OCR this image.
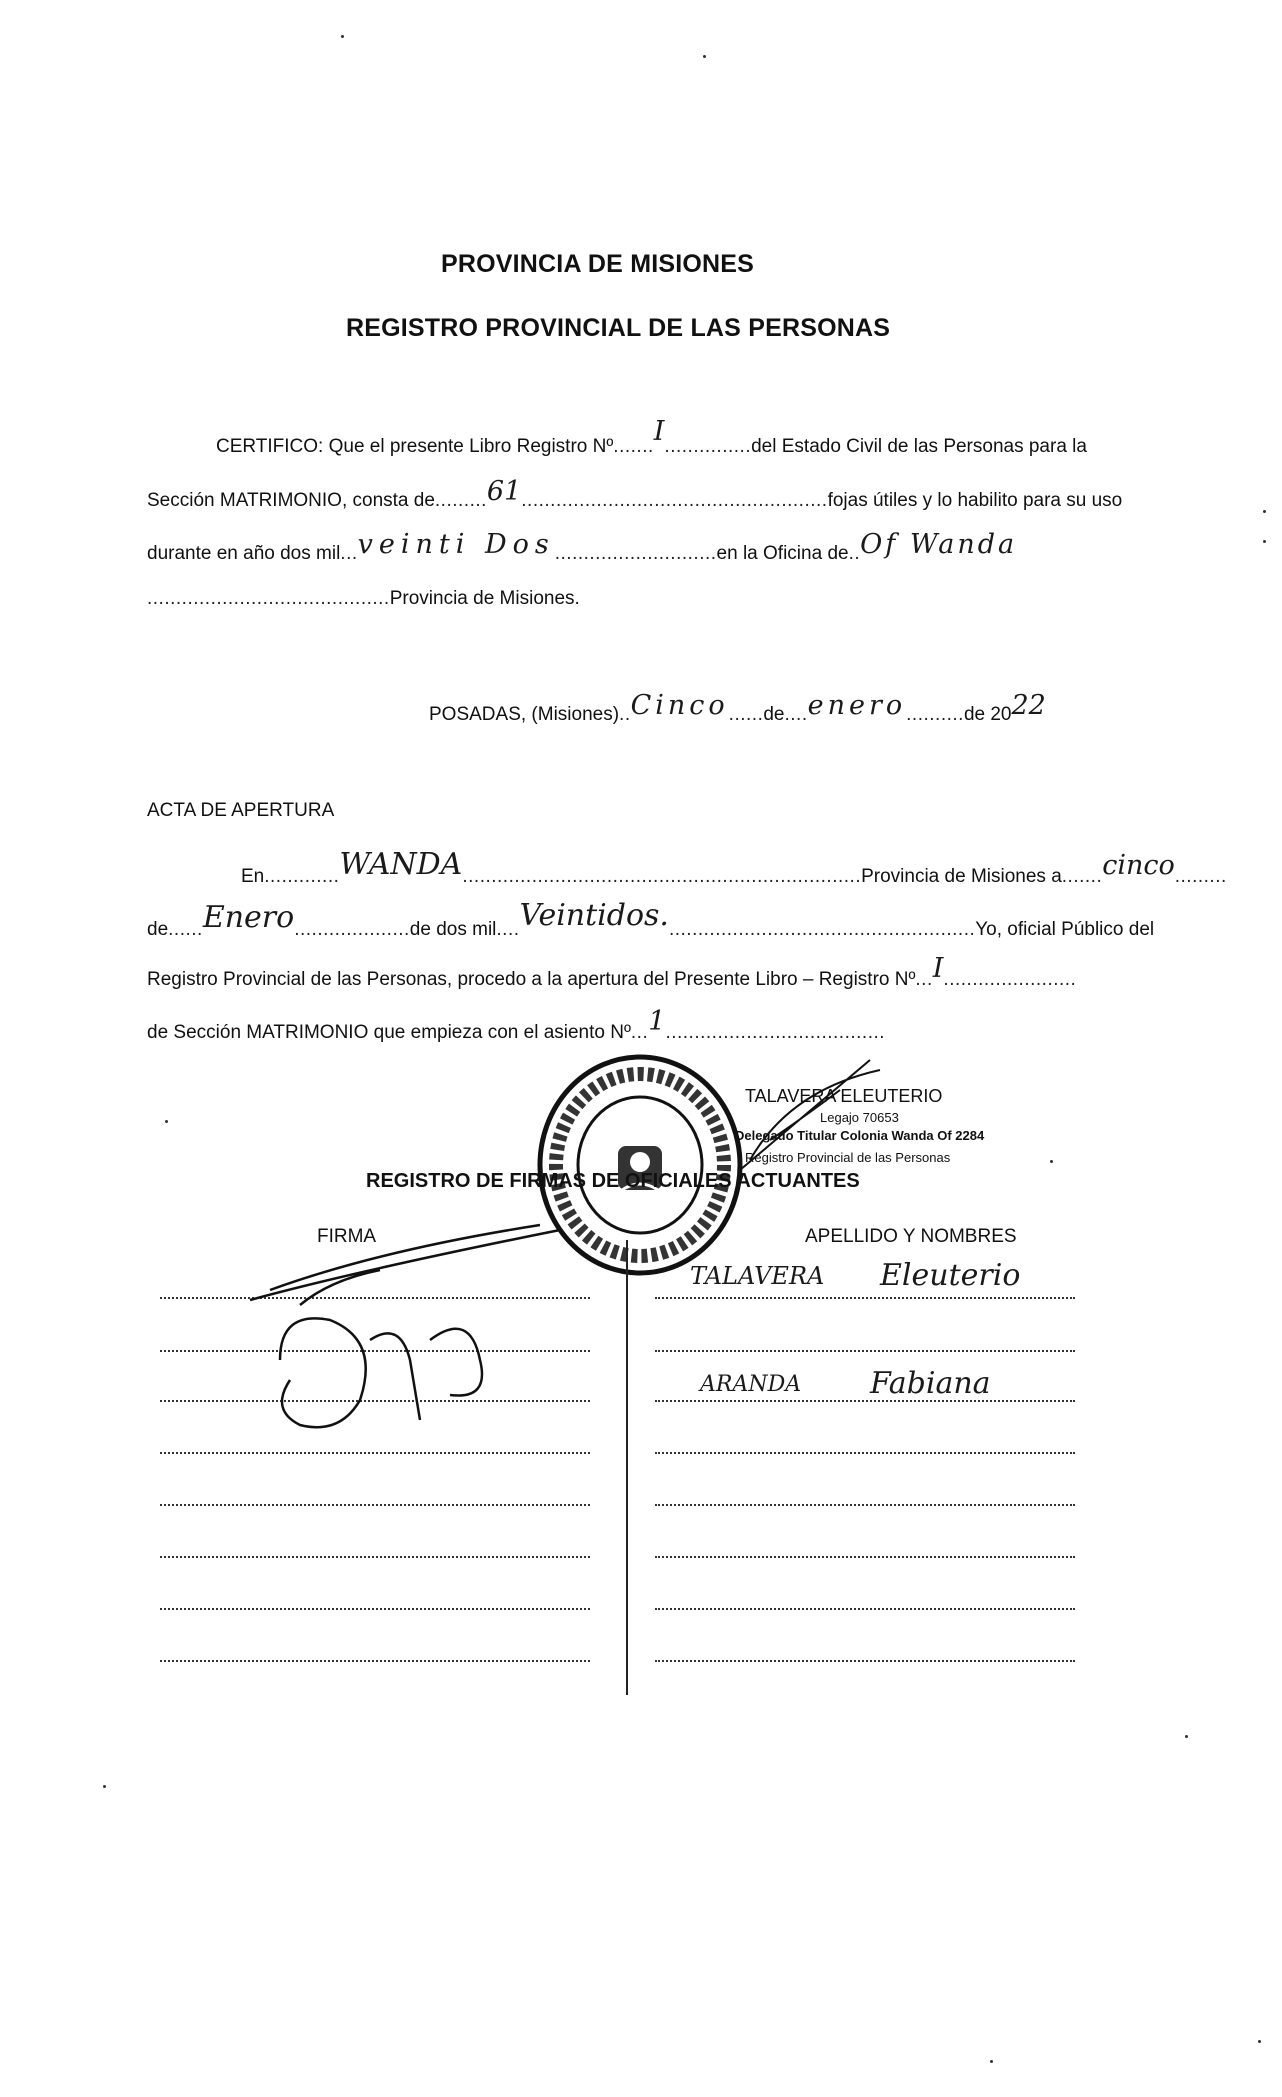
PROVINCIA DE MISIONES
REGISTRO PROVINCIAL DE LAS PERSONAS
CERTIFICO: Que el presente Libro Registro Nº.......I...............del Estado Civil de las Personas para la
Sección MATRIMONIO, consta de.........61.....................................................fojas útiles y lo habilito para su uso
durante en año dos mil...veinti Dos............................en la Oficina de..Of Wanda
..........................................Provincia de Misiones.
POSADAS, (Misiones)..Cinco......de....enero..........de 2022
ACTA DE APERTURA
En.............WANDA.....................................................................Provincia de Misiones a.......cinco.........
de......Enero....................de dos mil....Veintidos......................................................Yo, oficial Público del
Registro Provincial de las Personas, procedo a la apertura del Presente Libro – Registro Nº...I.......................
de Sección MATRIMONIO que empieza con el asiento Nº...1......................................
TALAVERA ELEUTERIO
Legajo 70653
Delegado Titular Colonia Wanda Of 2284
Registro Provincial de las Personas
REGISTRO DE FIRMAS DE OFICIALES ACTUANTES
FIRMA	APELLIDO Y NOMBRES
TALAVERA Eleuterio
ARANDA Fabiana
